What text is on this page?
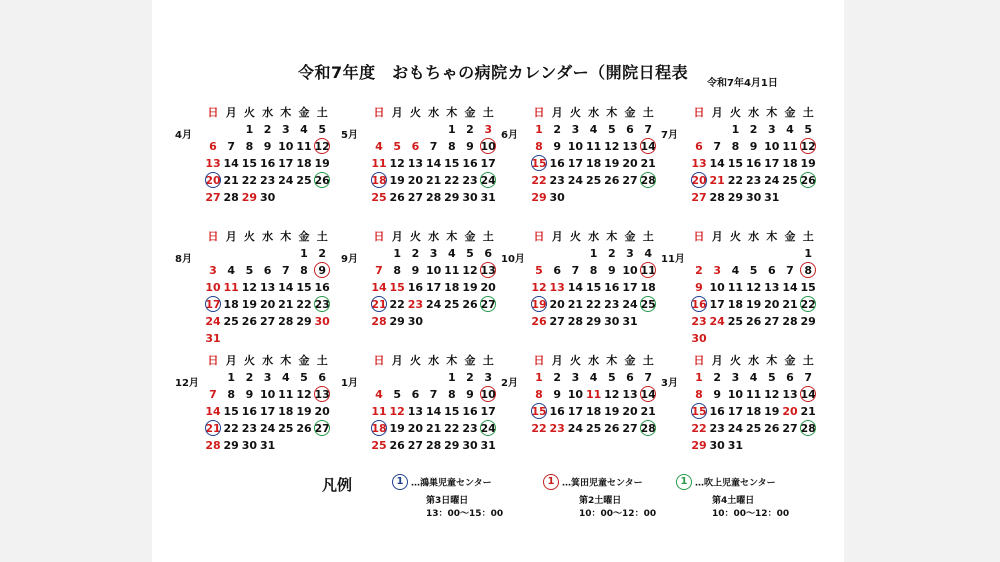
令和7年度　おもちゃの病院カレンダー（開院日程表
令和7年4月1日
4月
日 月 火 水 木 金 土
1 2 3 4 5
6 7 8 9 10 11 12
13 14 15 16 17 18 19
20 21 22 23 24 25 26
27 28 29 30
5月
日 月 火 水 木 金 土
1 2 3
4 5 6 7 8 9 10
11 12 13 14 15 16 17
18 19 20 21 22 23 24
25 26 27 28 29 30 31
6月
日 月 火 水 木 金 土
1 2 3 4 5 6 7
8 9 10 11 12 13 14
15 16 17 18 19 20 21
22 23 24 25 26 27 28
29 30
7月
日 月 火 水 木 金 土
1 2 3 4 5
6 7 8 9 10 11 12
13 14 15 16 17 18 19
20 21 22 23 24 25 26
27 28 29 30 31
8月
日 月 火 水 木 金 土
1 2
3 4 5 6 7 8 9
10 11 12 13 14 15 16
17 18 19 20 21 22 23
24 25 26 27 28 29 30
31
9月
日 月 火 水 木 金 土
1 2 3 4 5 6
7 8 9 10 11 12 13
14 15 16 17 18 19 20
21 22 23 24 25 26 27
28 29 30
10月
日 月 火 水 木 金 土
1 2 3 4
5 6 7 8 9 10 11
12 13 14 15 16 17 18
19 20 21 22 23 24 25
26 27 28 29 30 31
11月
日 月 火 水 木 金 土
1
2 3 4 5 6 7 8
9 10 11 12 13 14 15
16 17 18 19 20 21 22
23 24 25 26 27 28 29
30
12月
日 月 火 水 木 金 土
1 2 3 4 5 6
7 8 9 10 11 12 13
14 15 16 17 18 19 20
21 22 23 24 25 26 27
28 29 30 31
1月
日 月 火 水 木 金 土
1 2 3
4 5 6 7 8 9 10
11 12 13 14 15 16 17
18 19 20 21 22 23 24
25 26 27 28 29 30 31
2月
日 月 火 水 木 金 土
1 2 3 4 5 6 7
8 9 10 11 12 13 14
15 16 17 18 19 20 21
22 23 24 25 26 27 28
3月
日 月 火 水 木 金 土
1 2 3 4 5 6 7
8 9 10 11 12 13 14
15 16 17 18 19 20 21
22 23 24 25 26 27 28
29 30 31
凡例	1 …鴻巣児童センター
第3日曜日
13：00～15：00
1 …箕田児童センター
第2土曜日
10：00～12：00
1 …吹上児童センター
第4土曜日
10：00～12：00
